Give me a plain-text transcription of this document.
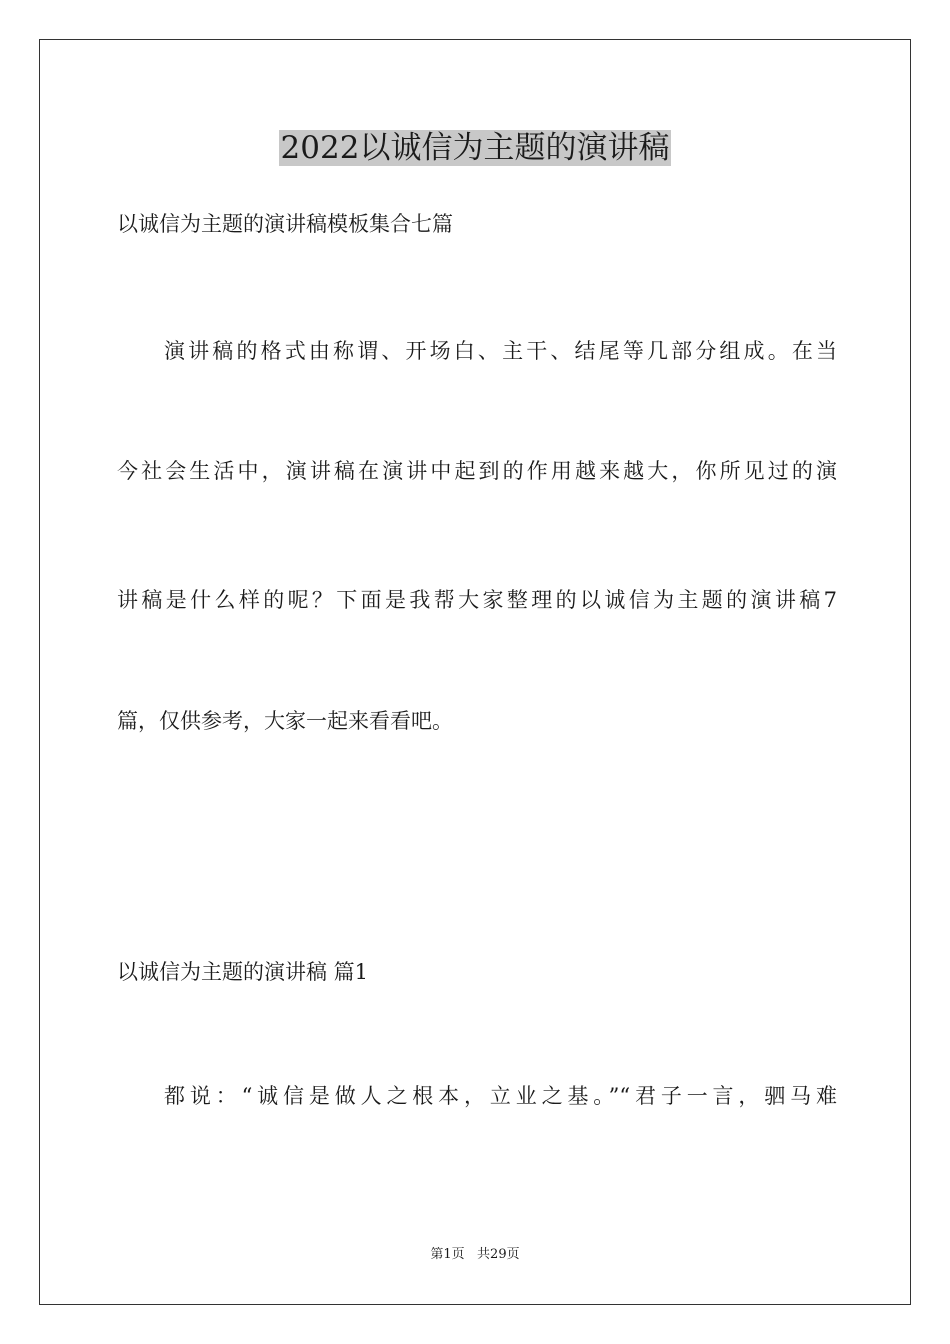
2022以诚信为主题的演讲稿

以诚信为主题的演讲稿模板集合七篇

演讲稿的格式由称谓、开场白、主干、结尾等几部分组成。在当

今社会生活中，演讲稿在演讲中起到的作用越来越大，你所见过的演

讲稿是什么样的呢？下面是我帮大家整理的以诚信为主题的演讲稿7

篇，仅供参考，大家一起来看看吧。

以诚信为主题的演讲稿 篇1

都说：“诚信是做人之根本，立业之基。”“君子一言，驷马难

第1页   共29页
